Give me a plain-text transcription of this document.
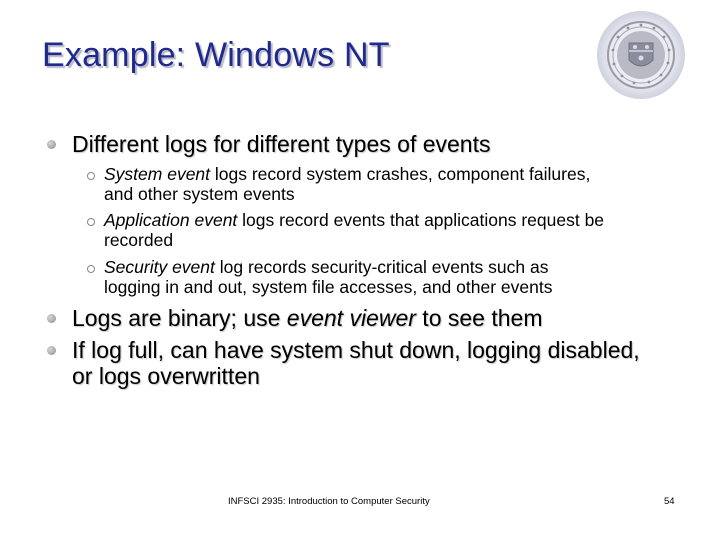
Example: Windows NT
Different logs for different types of events
System event logs record system crashes, component failures,
and other system events
Application event logs record events that applications request be
recorded
Security event log records security-critical events such as
logging in and out, system file accesses, and other events
Logs are binary; use event viewer to see them
If log full, can have system shut down, logging disabled,
or logs overwritten
INFSCI 2935: Introduction to Computer Security	54
